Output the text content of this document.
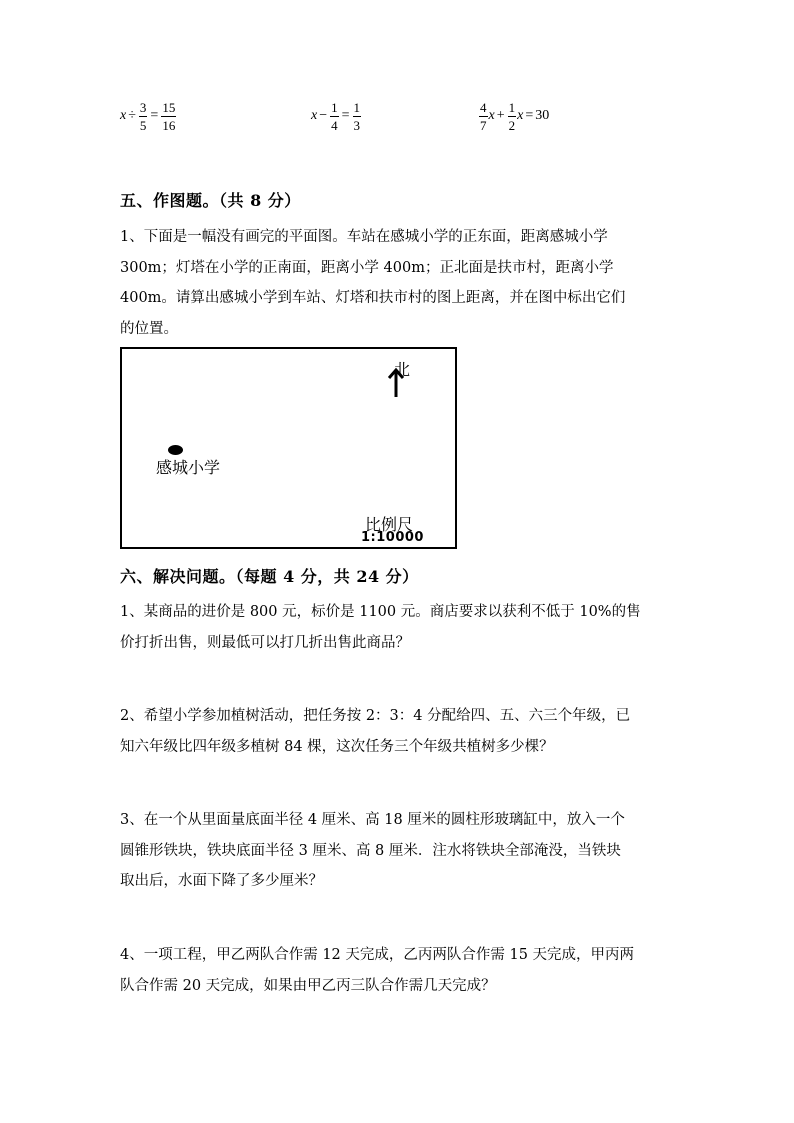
$x \div \frac{3}{5} = \frac{15}{16}$	$x - \frac{1}{4} = \frac{1}{3}$	$\frac{4}{7}$ $x + \frac{1}{2}$ x = 30
五、作图题。（共 8 分）

1、下面是一幅没有画完的平面图。车站在感城小学的正东面，距离感城小学

300m；灯塔在小学的正南面，距离小学 400m；正北面是扶市村，距离小学

400m。请算出感城小学到车站、灯塔和扶市村的图上距离，并在图中标出它们

的位置。

北
感城小学
比例尺
1:10000
六、解决问题。（每题 4 分，共 24 分）

1、某商品的进价是 800 元，标价是 1100 元。商店要求以获利不低于 10%的售

价打折出售，则最低可以打几折出售此商品？

2、希望小学参加植树活动，把任务按 2：3：4 分配给四、五、六三个年级，已

知六年级比四年级多植树 84 棵，这次任务三个年级共植树多少棵？

3、在一个从里面量底面半径 4 厘米、高 18 厘米的圆柱形玻璃缸中，放入一个

圆锥形铁块，铁块底面半径 3 厘米、高 8 厘米．注水将铁块全部淹没，当铁块

取出后，水面下降了多少厘米？

4、一项工程，甲乙两队合作需 12 天完成，乙丙两队合作需 15 天完成，甲丙两

队合作需 20 天完成，如果由甲乙丙三队合作需几天完成？
